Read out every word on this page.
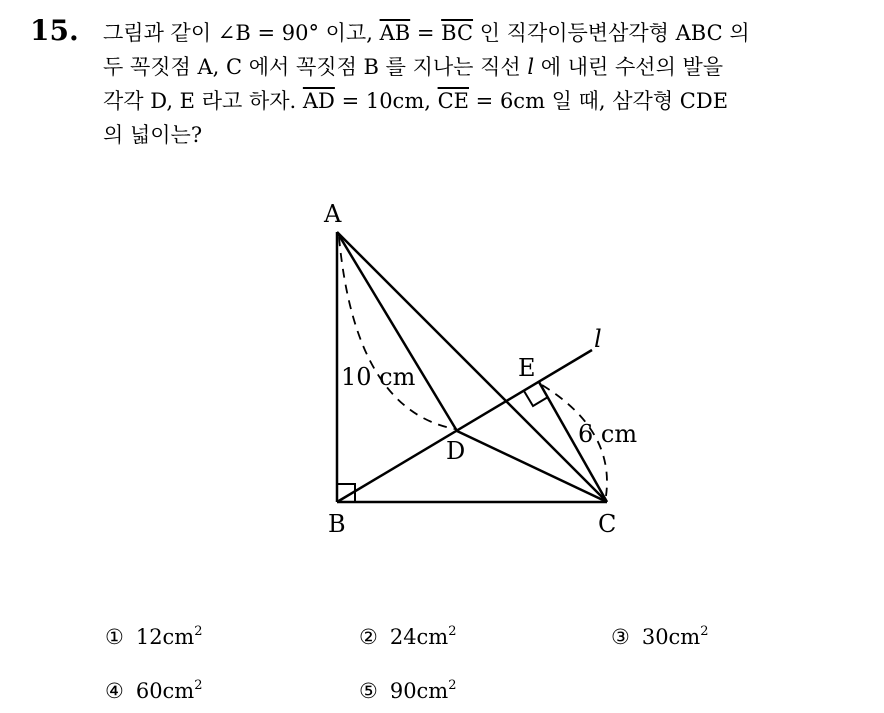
15. 그림과 같이 ∠B = 90° 이고, $\overline{AB} = \overline{BC}$ 인 직각이등변삼각형 ABC 의
두 꼭짓점 A, C 에서 꼭짓점 B 를 지나는 직선 l 에 내린 수선의 발을
각각 D, E 라고 하자. $\overline{AD} = 10cm$, $\overline{CE} = 6cm$ 일 때, 삼각형 CDE
의 넓이는?
A
B	C
D
E
l
10 cm
6 cm
① $12cm^2$	② $24cm^2$	③ $30cm^2$
④ $60cm^2$	⑤ $90cm^2$
